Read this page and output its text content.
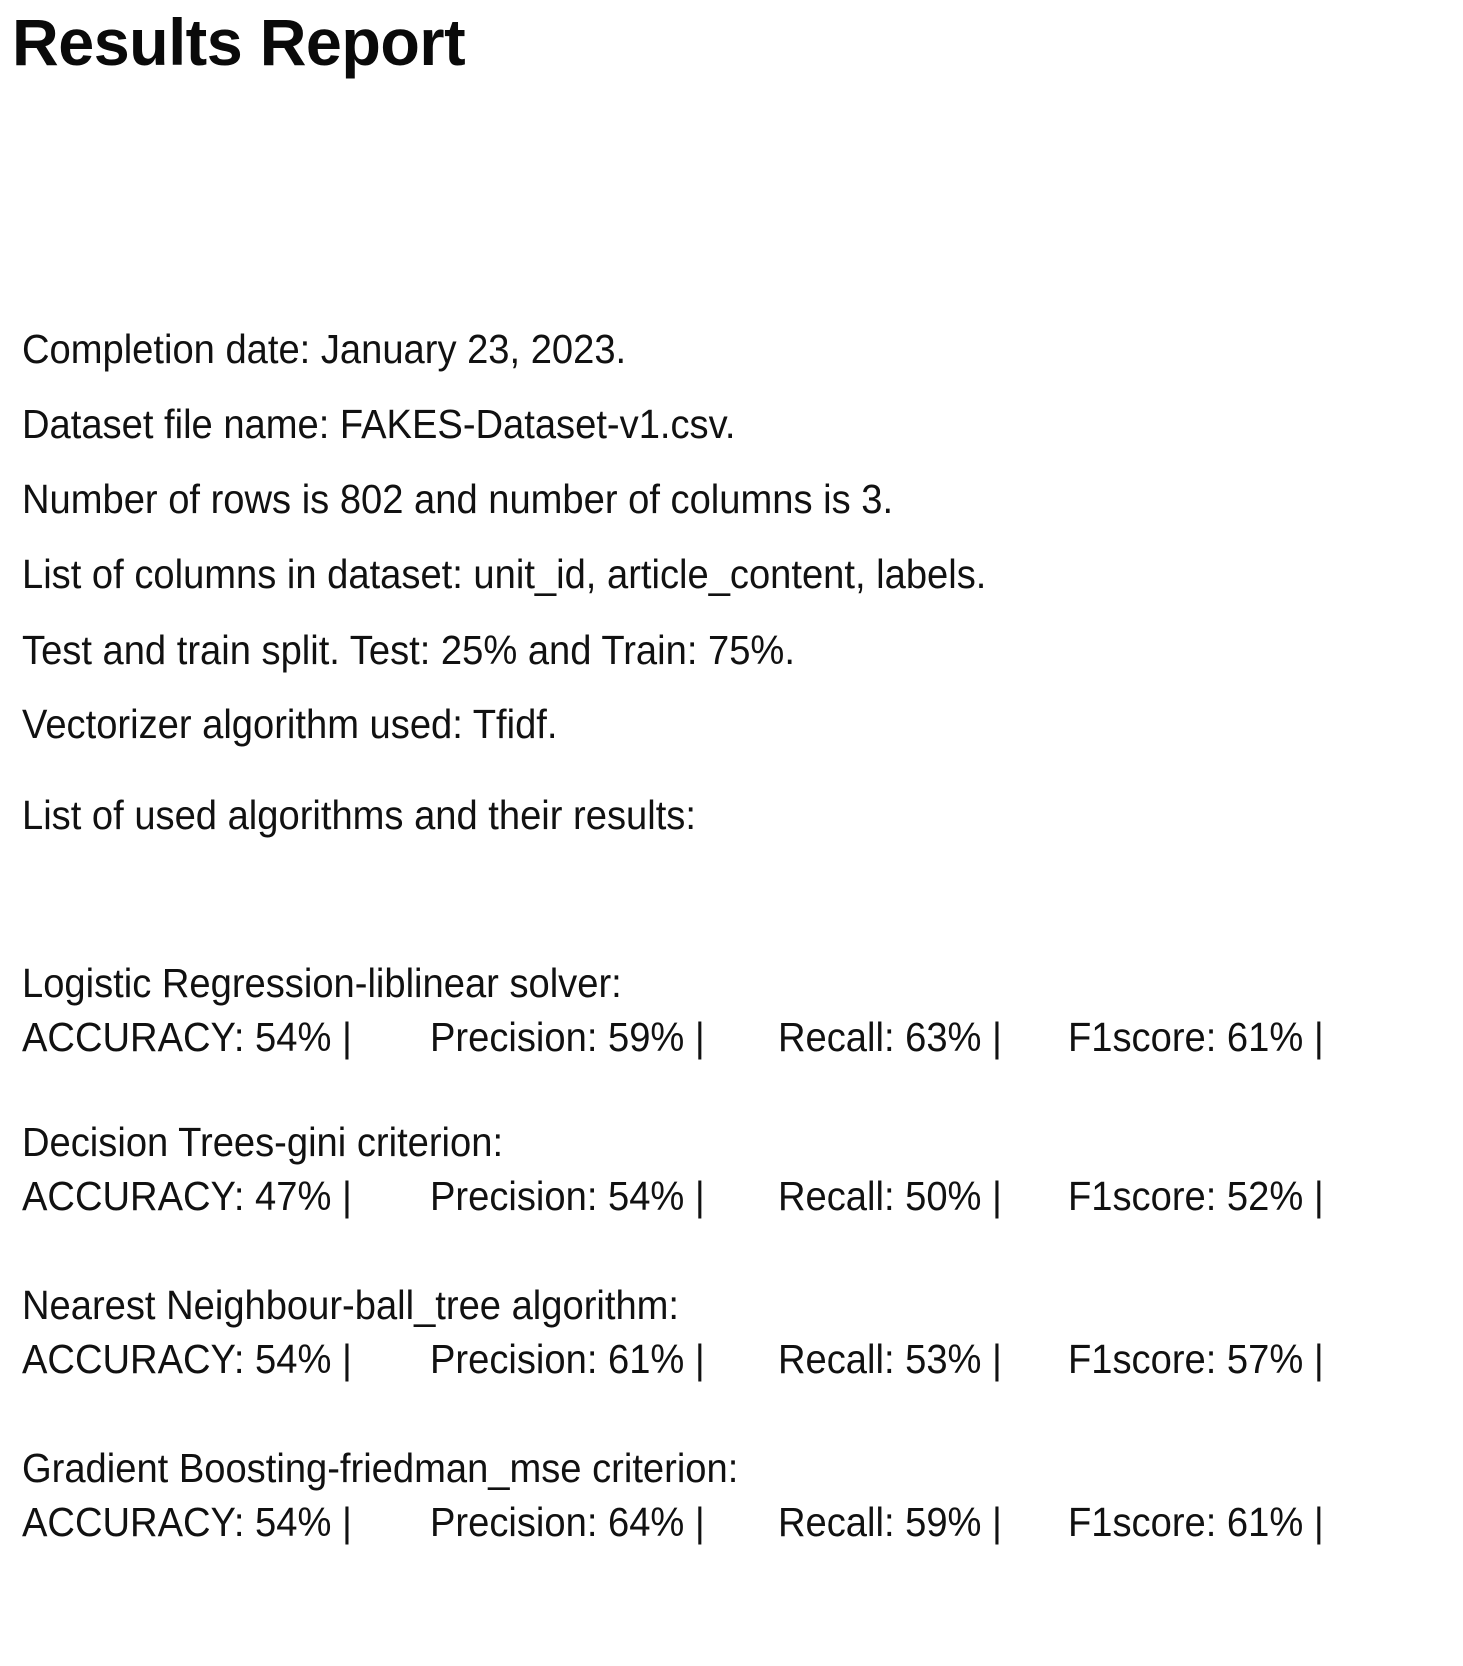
Results Report
Completion date: January 23, 2023.
Dataset file name: FAKES-Dataset-v1.csv.
Number of rows is 802 and number of columns is 3.
List of columns in dataset: unit_id, article_content, labels.
Test and train split. Test: 25% and Train: 75%.
Vectorizer algorithm used: Tfidf.
List of used algorithms and their results:
Logistic Regression-liblinear solver:
ACCURACY: 54% | Precision: 59% | Recall: 63% | F1score: 61% |
Decision Trees-gini criterion:
ACCURACY: 47% | Precision: 54% | Recall: 50% | F1score: 52% |
Nearest Neighbour-ball_tree algorithm:
ACCURACY: 54% | Precision: 61% | Recall: 53% | F1score: 57% |
Gradient Boosting-friedman_mse criterion:
ACCURACY: 54% | Precision: 64% | Recall: 59% | F1score: 61% |
